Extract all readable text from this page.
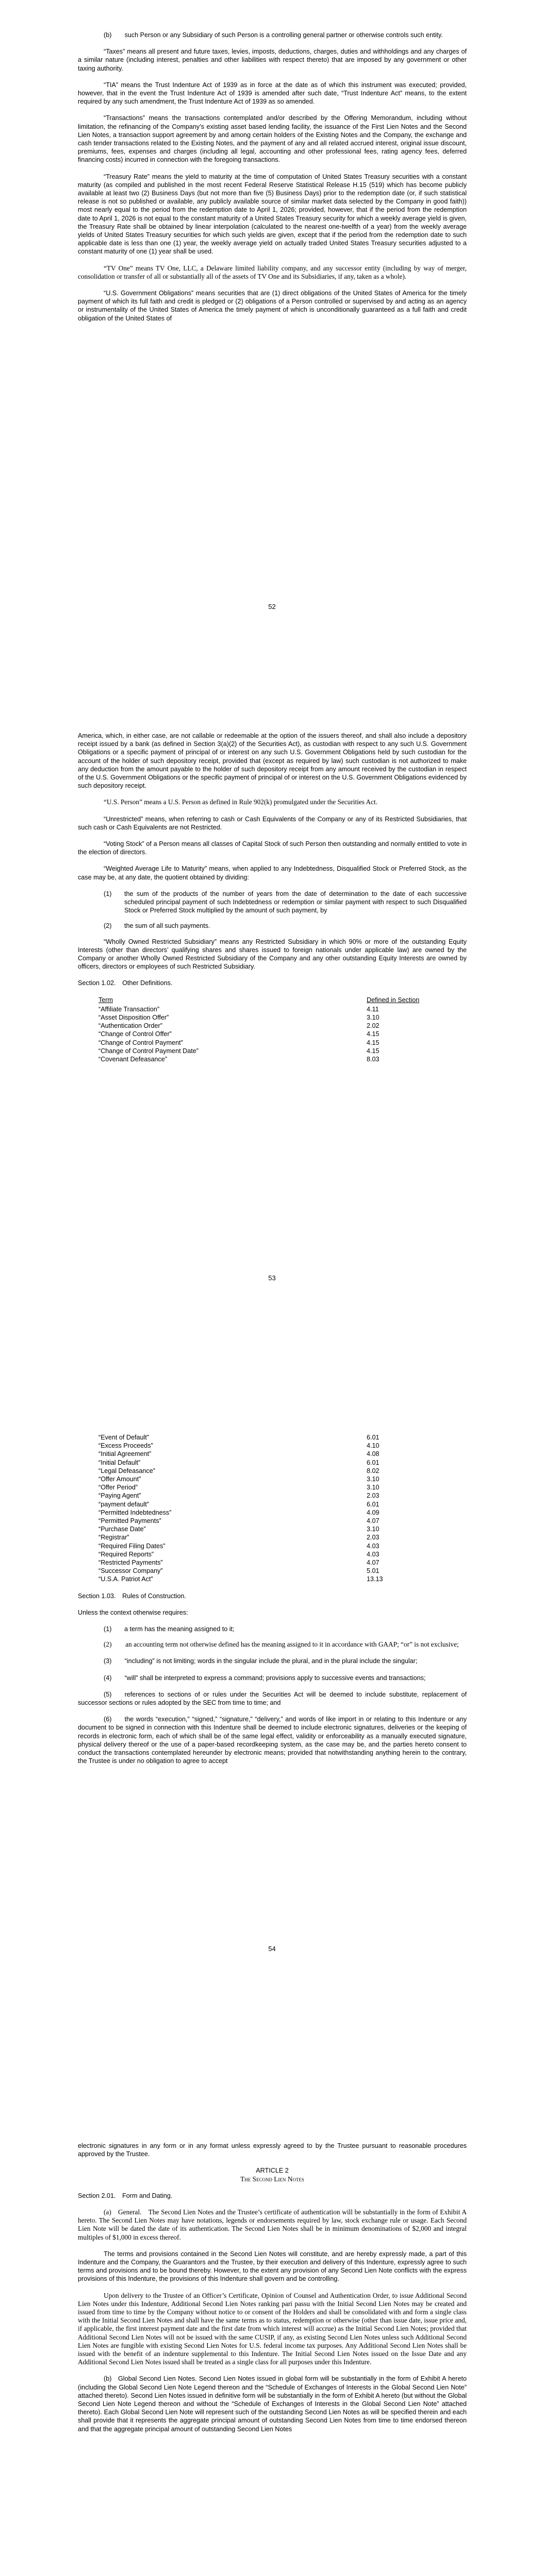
(b)  such Person or any Subsidiary of such Person is a controlling general partner or otherwise controls such entity.

“Taxes” means all present and future taxes, levies, imposts, deductions, charges, duties and withholdings and any charges of a similar nature (including interest, penalties and other liabilities with respect thereto) that are imposed by any government or other taxing authority.

“TIA” means the Trust Indenture Act of 1939 as in force at the date as of which this instrument was executed; provided, however, that in the event the Trust Indenture Act of 1939 is amended after such date, “Trust Indenture Act” means, to the extent required by any such amendment, the Trust Indenture Act of 1939 as so amended.

“Transactions” means the transactions contemplated and/or described by the Offering Memorandum, including without limitation, the refinancing of the Company’s existing asset based lending facility, the issuance of the First Lien Notes and the Second Lien Notes, a transaction support agreement by and among certain holders of the Existing Notes and the Company, the exchange and cash tender transactions related to the Existing Notes, and the payment of any and all related accrued interest, original issue discount, premiums, fees, expenses and charges (including all legal, accounting and other professional fees, rating agency fees, deferred financing costs) incurred in connection with the foregoing transactions.

“Treasury Rate” means the yield to maturity at the time of computation of United States Treasury securities with a constant maturity (as compiled and published in the most recent Federal Reserve Statistical Release H.15 (519) which has become publicly available at least two (2) Business Days (but not more than five (5) Business Days) prior to the redemption date (or, if such statistical release is not so published or available, any publicly available source of similar market data selected by the Company in good faith)) most nearly equal to the period from the redemption date to April 1, 2026; provided, however, that if the period from the redemption date to April 1, 2026 is not equal to the constant maturity of a United States Treasury security for which a weekly average yield is given, the Treasury Rate shall be obtained by linear interpolation (calculated to the nearest one-twelfth of a year) from the weekly average yields of United States Treasury securities for which such yields are given, except that if the period from the redemption date to such applicable date is less than one (1) year, the weekly average yield on actually traded United States Treasury securities adjusted to a constant maturity of one (1) year shall be used.

“TV One” means TV One, LLC, a Delaware limited liability company, and any successor entity (including by way of merger, consolidation or transfer of all or substantially all of the assets of TV One and its Subsidiaries, if any, taken as a whole).

“U.S. Government Obligations” means securities that are (1) direct obligations of the United States of America for the timely payment of which its full faith and credit is pledged or (2) obligations of a Person controlled or supervised by and acting as an agency or instrumentality of the United States of America the timely payment of which is unconditionally guaranteed as a full faith and credit obligation of the United States of

52

America, which, in either case, are not callable or redeemable at the option of the issuers thereof, and shall also include a depository receipt issued by a bank (as defined in Section 3(a)(2) of the Securities Act), as custodian with respect to any such U.S. Government Obligations or a specific payment of principal of or interest on any such U.S. Government Obligations held by such custodian for the account of the holder of such depository receipt, provided that (except as required by law) such custodian is not authorized to make any deduction from the amount payable to the holder of such depository receipt from any amount received by the custodian in respect of the U.S. Government Obligations or the specific payment of principal of or interest on the U.S. Government Obligations evidenced by such depository receipt.

“U.S. Person” means a U.S. Person as defined in Rule 902(k) promulgated under the Securities Act.

“Unrestricted” means, when referring to cash or Cash Equivalents of the Company or any of its Restricted Subsidiaries, that such cash or Cash Equivalents are not Restricted.

“Voting Stock” of a Person means all classes of Capital Stock of such Person then outstanding and normally entitled to vote in the election of directors.

“Weighted Average Life to Maturity” means, when applied to any Indebtedness, Disqualified Stock or Preferred Stock, as the case may be, at any date, the quotient obtained by dividing:

(1)	the sum of the products of the number of years from the date of determination to the date of each successive scheduled principal payment of such Indebtedness or redemption or similar payment with respect to such Disqualified Stock or Preferred Stock multiplied by the amount of such payment, by
(2)	the sum of all such payments.

“Wholly Owned Restricted Subsidiary” means any Restricted Subsidiary in which 90% or more of the outstanding Equity Interests (other than directors’ qualifying shares and shares issued to foreign nationals under applicable law) are owned by the Company or another Wholly Owned Restricted Subsidiary of the Company and any other outstanding Equity Interests are owned by officers, directors or employees of such Restricted Subsidiary.

Section 1.02. Other Definitions.

Term	Defined in Section
“Affiliate Transaction”	4.11
“Asset Disposition Offer”	3.10
“Authentication Order”	2.02
“Change of Control Offer”	4.15
“Change of Control Payment”	4.15
“Change of Control Payment Date”	4.15
“Covenant Defeasance”	8.03
53
“Event of Default”	6.01
“Excess Proceeds”	4.10
“Initial Agreement”	4.08
“Initial Default”	6.01
“Legal Defeasance”	8.02
“Offer Amount”	3.10
“Offer Period”	3.10
“Paying Agent”	2.03
“payment default”	6.01
“Permitted Indebtedness”	4.09
“Permitted Payments”	4.07
“Purchase Date”	3.10
“Registrar”	2.03
“Required Filing Dates”	4.03
“Required Reports”	4.03
“Restricted Payments”	4.07
“Successor Company”	5.01
“U.S.A. Patriot Act”	13.13

Section 1.03. Rules of Construction.

Unless the context otherwise requires:

(1)	a term has the meaning assigned to it;

(2)   an accounting term not otherwise defined has the meaning assigned to it in accordance with GAAP; “or” is not exclusive;

(3)   “including” is not limiting; words in the singular include the plural, and in the plural include the singular;

(4)   “will” shall be interpreted to express a command; provisions apply to successive events and transactions;

(5)   references to sections of or rules under the Securities Act will be deemed to include substitute, replacement of successor sections or rules adopted by the SEC from time to time; and

(6)   the words “execution,” “signed,” “signature,” “delivery,” and words of like import in or relating to this Indenture or any document to be signed in connection with this Indenture shall be deemed to include electronic signatures, deliveries or the keeping of records in electronic form, each of which shall be of the same legal effect, validity or enforceability as a manually executed signature, physical delivery thereof or the use of a paper-based recordkeeping system, as the case may be, and the parties hereto consent to conduct the transactions contemplated hereunder by electronic means; provided that notwithstanding anything herein to the contrary, the Trustee is under no obligation to agree to accept

54

electronic signatures in any form or in any format unless expressly agreed to by the Trustee pursuant to reasonable procedures approved by the Trustee.

ARTICLE 2
The Second Lien Notes

Section 2.01. Form and Dating.

(a) General. The Second Lien Notes and the Trustee’s certificate of authentication will be substantially in the form of Exhibit A hereto. The Second Lien Notes may have notations, legends or endorsements required by law, stock exchange rule or usage. Each Second Lien Note will be dated the date of its authentication. The Second Lien Notes shall be in minimum denominations of $2,000 and integral multiples of $1,000 in excess thereof.

The terms and provisions contained in the Second Lien Notes will constitute, and are hereby expressly made, a part of this Indenture and the Company, the Guarantors and the Trustee, by their execution and delivery of this Indenture, expressly agree to such terms and provisions and to be bound thereby. However, to the extent any provision of any Second Lien Note conflicts with the express provisions of this Indenture, the provisions of this Indenture shall govern and be controlling.

Upon delivery to the Trustee of an Officer’s Certificate, Opinion of Counsel and Authentication Order, to issue Additional Second Lien Notes under this Indenture, Additional Second Lien Notes ranking pari passu with the Initial Second Lien Notes may be created and issued from time to time by the Company without notice to or consent of the Holders and shall be consolidated with and form a single class with the Initial Second Lien Notes and shall have the same terms as to status, redemption or otherwise (other than issue date, issue price and, if applicable, the first interest payment date and the first date from which interest will accrue) as the Initial Second Lien Notes; provided that Additional Second Lien Notes will not be issued with the same CUSIP, if any, as existing Second Lien Notes unless such Additional Second Lien Notes are fungible with existing Second Lien Notes for U.S. federal income tax purposes. Any Additional Second Lien Notes shall be issued with the benefit of an indenture supplemental to this Indenture. The Initial Second Lien Notes issued on the Issue Date and any Additional Second Lien Notes issued shall be treated as a single class for all purposes under this Indenture.

(b) Global Second Lien Notes. Second Lien Notes issued in global form will be substantially in the form of Exhibit A hereto (including the Global Second Lien Note Legend thereon and the “Schedule of Exchanges of Interests in the Global Second Lien Note” attached thereto). Second Lien Notes issued in definitive form will be substantially in the form of Exhibit A hereto (but without the Global Second Lien Note Legend thereon and without the “Schedule of Exchanges of Interests in the Global Second Lien Note” attached thereto). Each Global Second Lien Note will represent such of the outstanding Second Lien Notes as will be specified therein and each shall provide that it represents the aggregate principal amount of outstanding Second Lien Notes from time to time endorsed thereon and that the aggregate principal amount of outstanding Second Lien Notes
